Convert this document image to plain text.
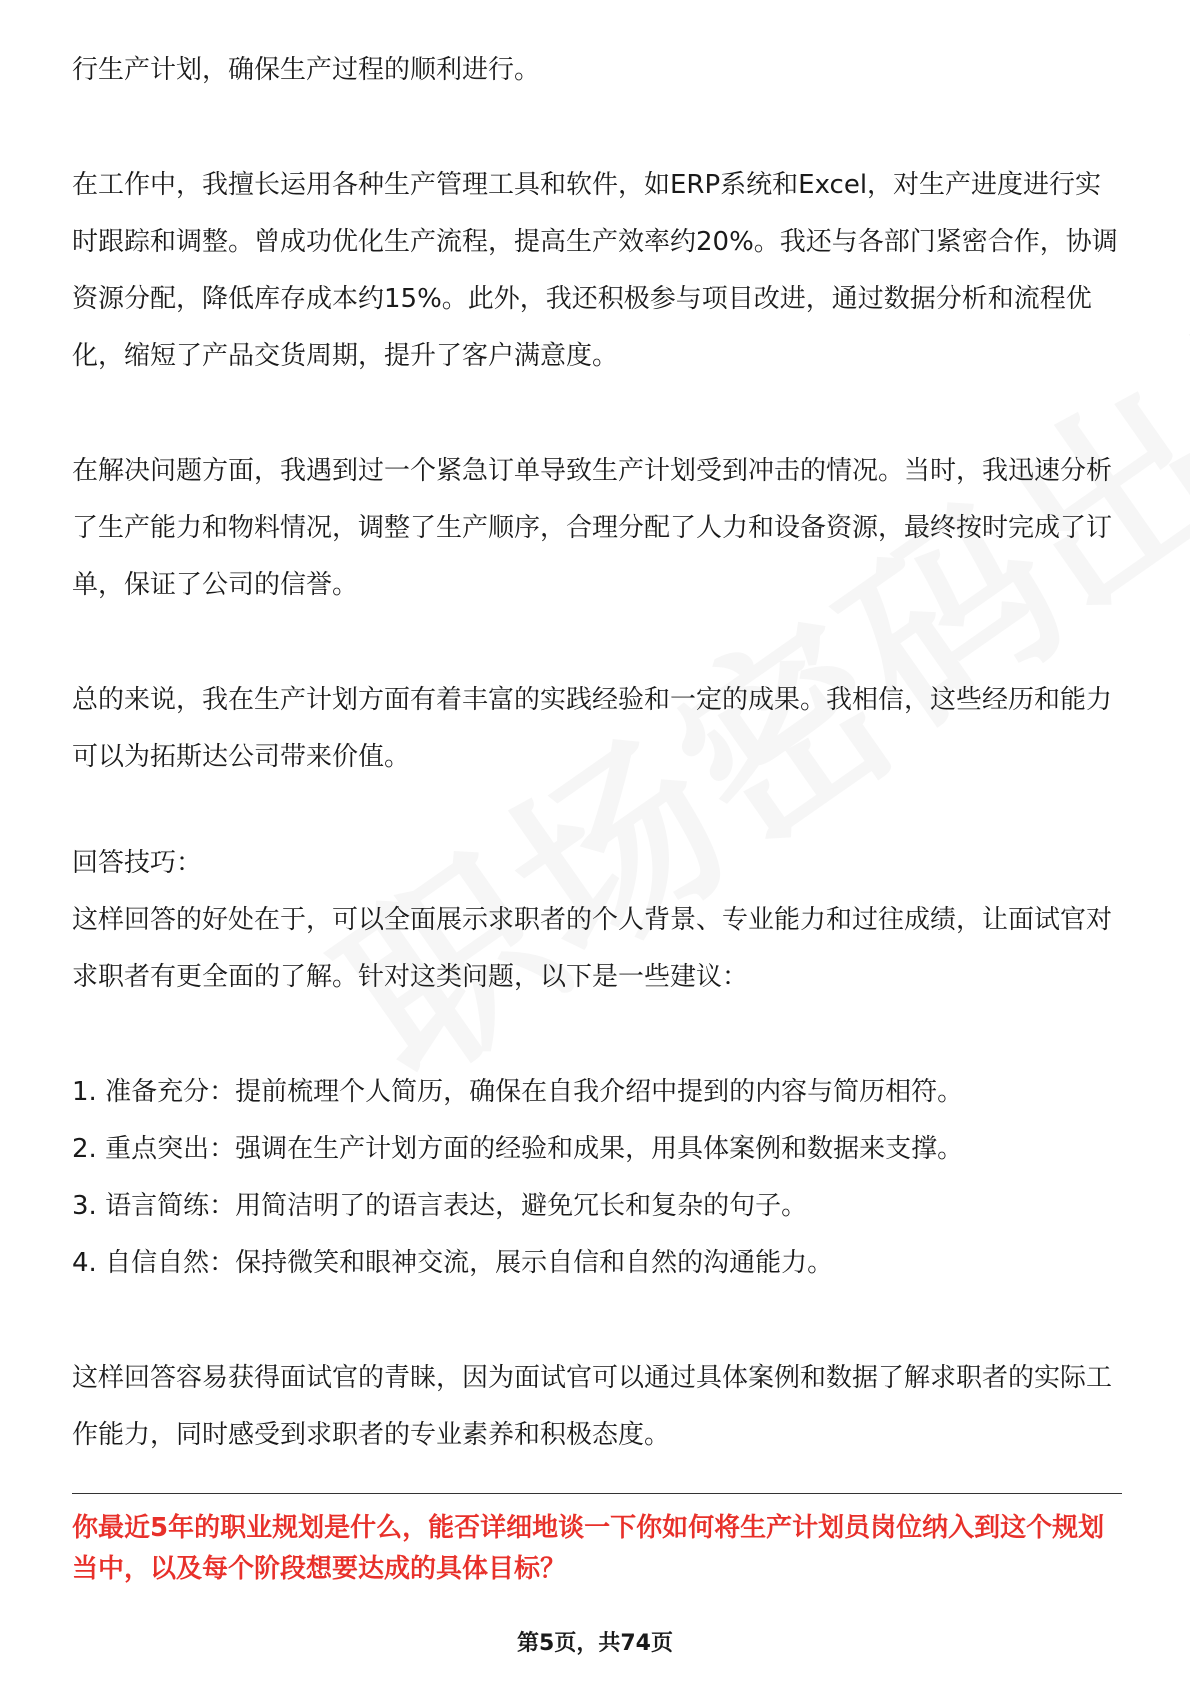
行生产计划，确保生产过程的顺利进行。

在工作中，我擅长运用各种生产管理工具和软件，如ERP系统和Excel，对生产进度进行实时跟踪和调整。曾成功优化生产流程，提高生产效率约20%。我还与各部门紧密合作，协调资源分配，降低库存成本约15%。此外，我还积极参与项目改进，通过数据分析和流程优化，缩短了产品交货周期，提升了客户满意度。

在解决问题方面，我遇到过一个紧急订单导致生产计划受到冲击的情况。当时，我迅速分析了生产能力和物料情况，调整了生产顺序，合理分配了人力和设备资源，最终按时完成了订单，保证了公司的信誉。

总的来说，我在生产计划方面有着丰富的实践经验和一定的成果。我相信，这些经历和能力可以为拓斯达公司带来价值。

回答技巧：

这样回答的好处在于，可以全面展示求职者的个人背景、专业能力和过往成绩，让面试官对求职者有更全面的了解。针对这类问题，以下是一些建议：

1. 准备充分：提前梳理个人简历，确保在自我介绍中提到的内容与简历相符。

2. 重点突出：强调在生产计划方面的经验和成果，用具体案例和数据来支撑。

3. 语言简练：用简洁明了的语言表达，避免冗长和复杂的句子。

4. 自信自然：保持微笑和眼神交流，展示自信和自然的沟通能力。

这样回答容易获得面试官的青睐，因为面试官可以通过具体案例和数据了解求职者的实际工作能力，同时感受到求职者的专业素养和积极态度。

你最近5年的职业规划是什么，能否详细地谈一下你如何将生产计划员岗位纳入到这个规划当中，以及每个阶段想要达成的具体目标？
第5页，共74页
